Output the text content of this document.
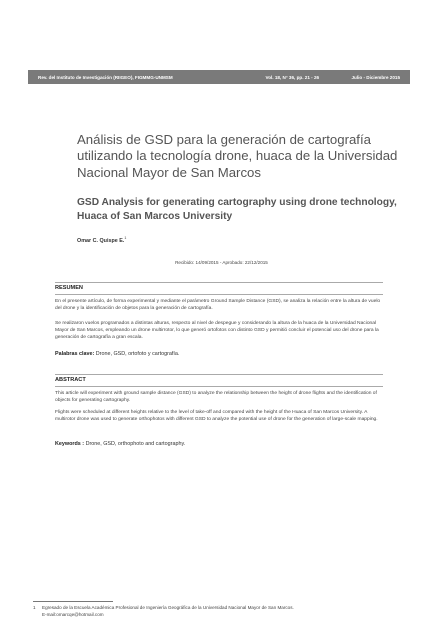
Rev. del Instituto de Investigación (RIIGEO), FIGMMG-UNMSM	Vol. 18, N° 36, pp. 21 - 26	Julio - Diciembre 2015
Análisis de GSD para la generación de cartografía utilizando la tecnología drone, huaca de la Universidad Nacional Mayor de San Marcos
GSD Analysis for generating cartography using drone technology, Huaca of San Marcos University
Omar C. Quispe E.$^1$
Recibido: 14/09/2015 - Aprobado: 22/12/2015
RESUMEN

En el presente artículo, de forma experimental y mediante el parámetro Ground Sample Distance (GSD), se analiza la relación entre la altura de vuelo del drone y la identificación de objetos para la generación de cartografía.

Se realizaron vuelos programados a distintas alturas, respecto al nivel de despegue y considerando la altura de la huaca de la Universidad Nacional Mayor de San Marcos, empleando un drone multirrotor, lo que generó ortofotos con distinto GSD y permitió concluir el potencial uso del drone para la generación de cartografía a gran escala.

Palabras clave: Drone, GSD, ortofoto y cartografía.
ABSTRACT

This article will experiment with ground sample distance (GSD) to analyze the relationship between the height of drone flights and the identification of objects for generating cartography.

Flights were scheduled at different heights relative to the level of take-off and compared with the height of the Huaca of San Marcos University. A multirotor drone was used to generate orthophotos with different GSD to analyze the potential use of drone for the generation of large-scale mapping.

Keywords : Drone, GSD, orthophoto and cartography.
1 Egresado de la Escuela Académica Profesional de Ingeniería Geográfica de la Universidad Nacional Mayor de San Marcos.
E-mail:omarcqe@hotmail.com
